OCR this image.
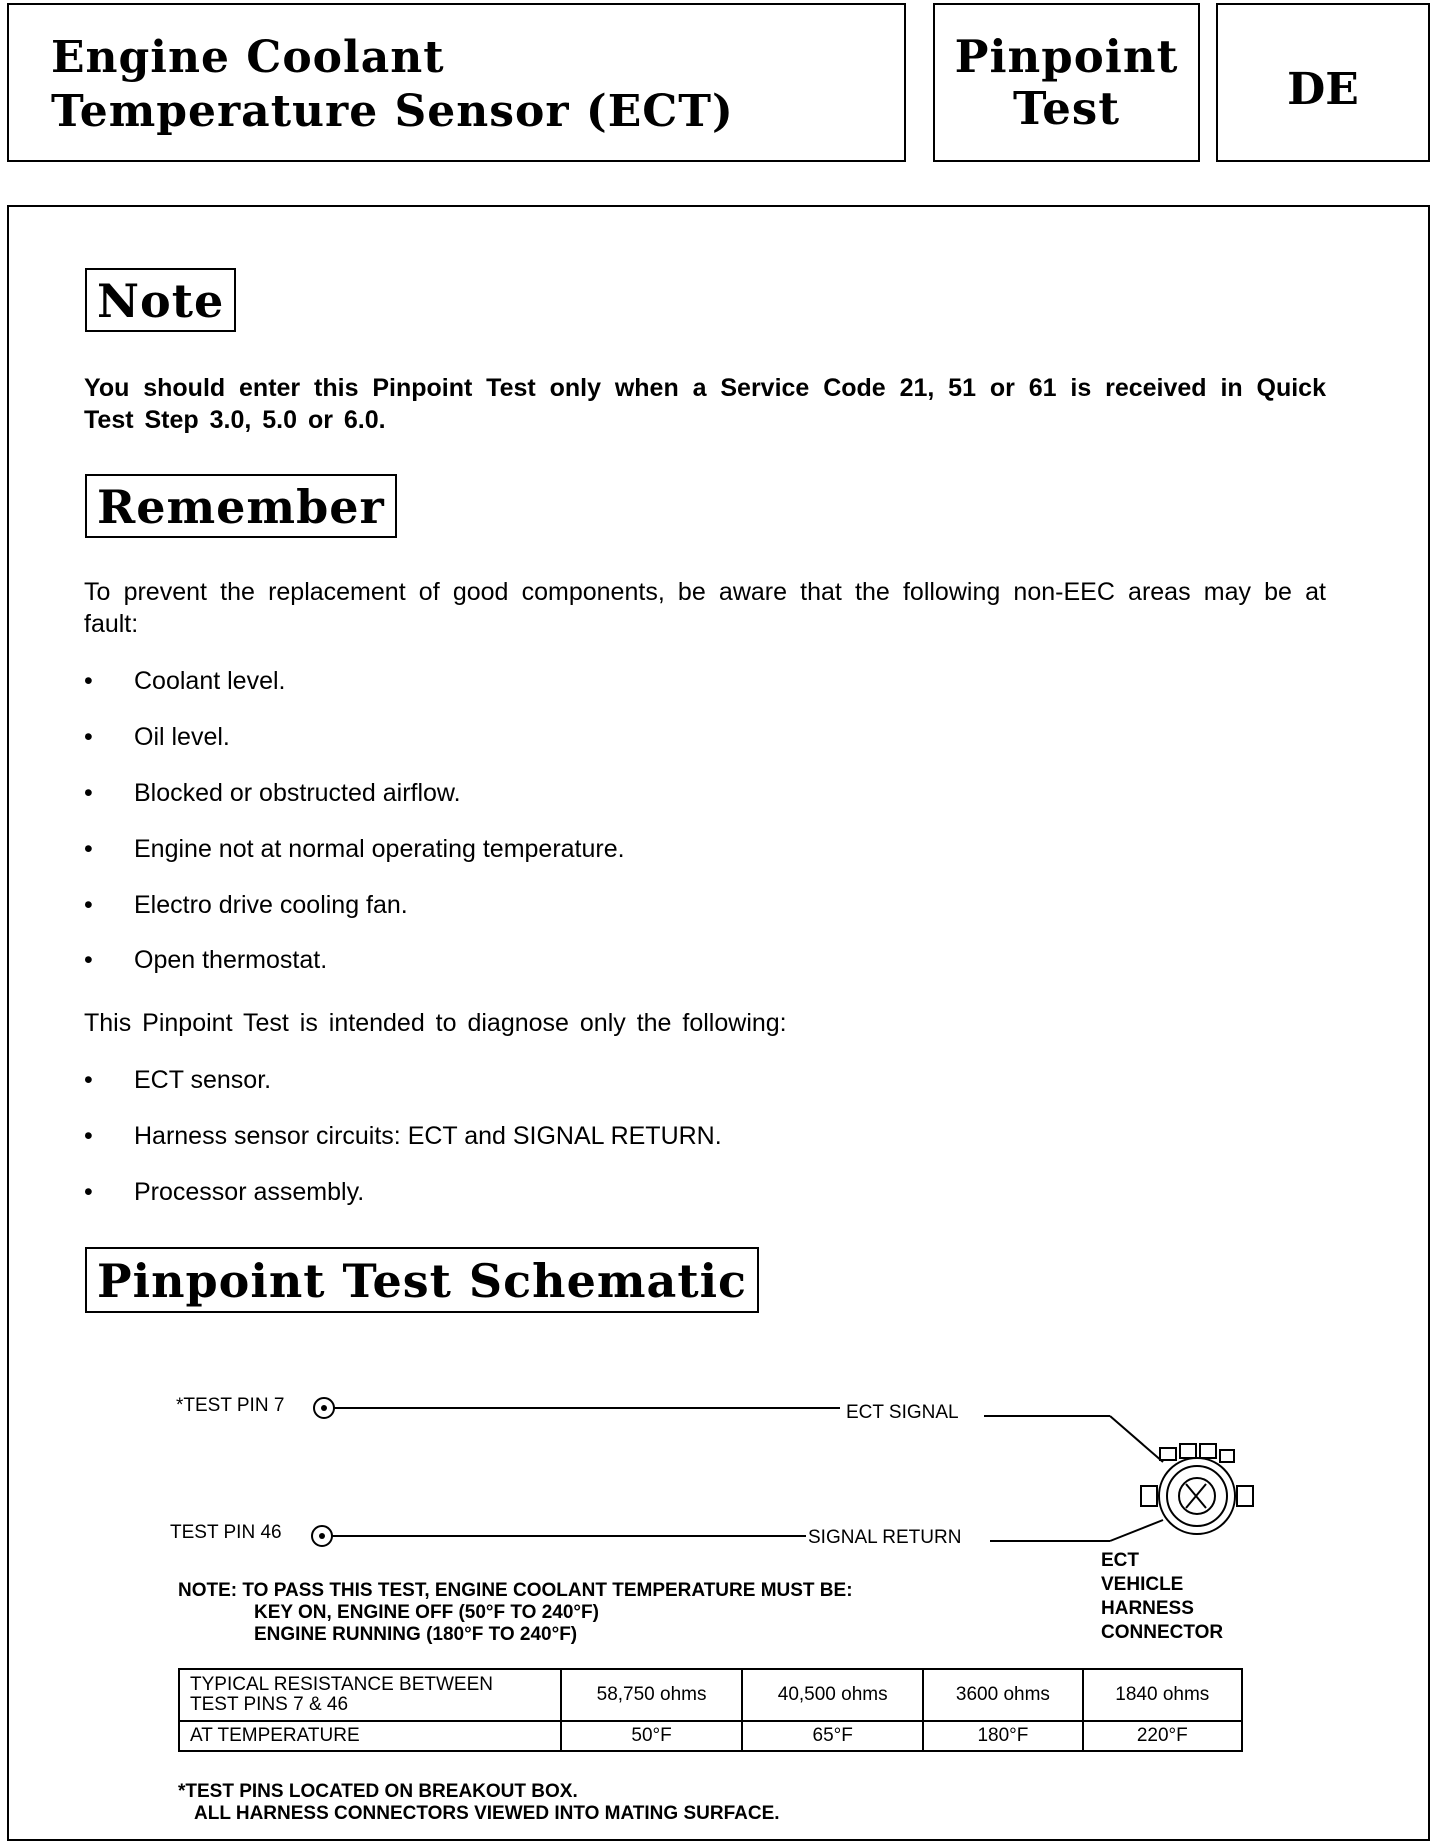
Engine Coolant
Temperature Sensor (ECT)
Pinpoint
Test	DE
Note
You should enter this Pinpoint Test only when a Service Code 21, 51 or 61 is received in Quick Test Step 3.0, 5.0 or 6.0.
Remember
To prevent the replacement of good components, be aware that the following non-EEC areas may be at fault:
• Coolant level.
• Oil level.
• Blocked or obstructed airflow.
• Engine not at normal operating temperature.
• Electro drive cooling fan.
• Open thermostat.
This Pinpoint Test is intended to diagnose only the following:
• ECT sensor.
• Harness sensor circuits: ECT and SIGNAL RETURN.
• Processor assembly.
Pinpoint Test Schematic
*TEST PIN 7
TEST PIN 46
ECT SIGNAL
SIGNAL RETURN
ECT
VEHICLE
HARNESS
CONNECTOR
NOTE: TO PASS THIS TEST, ENGINE COOLANT TEMPERATURE MUST BE:
KEY ON, ENGINE OFF (50°F TO 240°F)
ENGINE RUNNING (180°F TO 240°F)
TYPICAL RESISTANCE BETWEEN
TEST PINS 7 & 46	58,750 ohms	40,500 ohms	3600 ohms	1840 ohms
AT TEMPERATURE	50°F	65°F	180°F	220°F
*TEST PINS LOCATED ON BREAKOUT BOX.
ALL HARNESS CONNECTORS VIEWED INTO MATING SURFACE.
